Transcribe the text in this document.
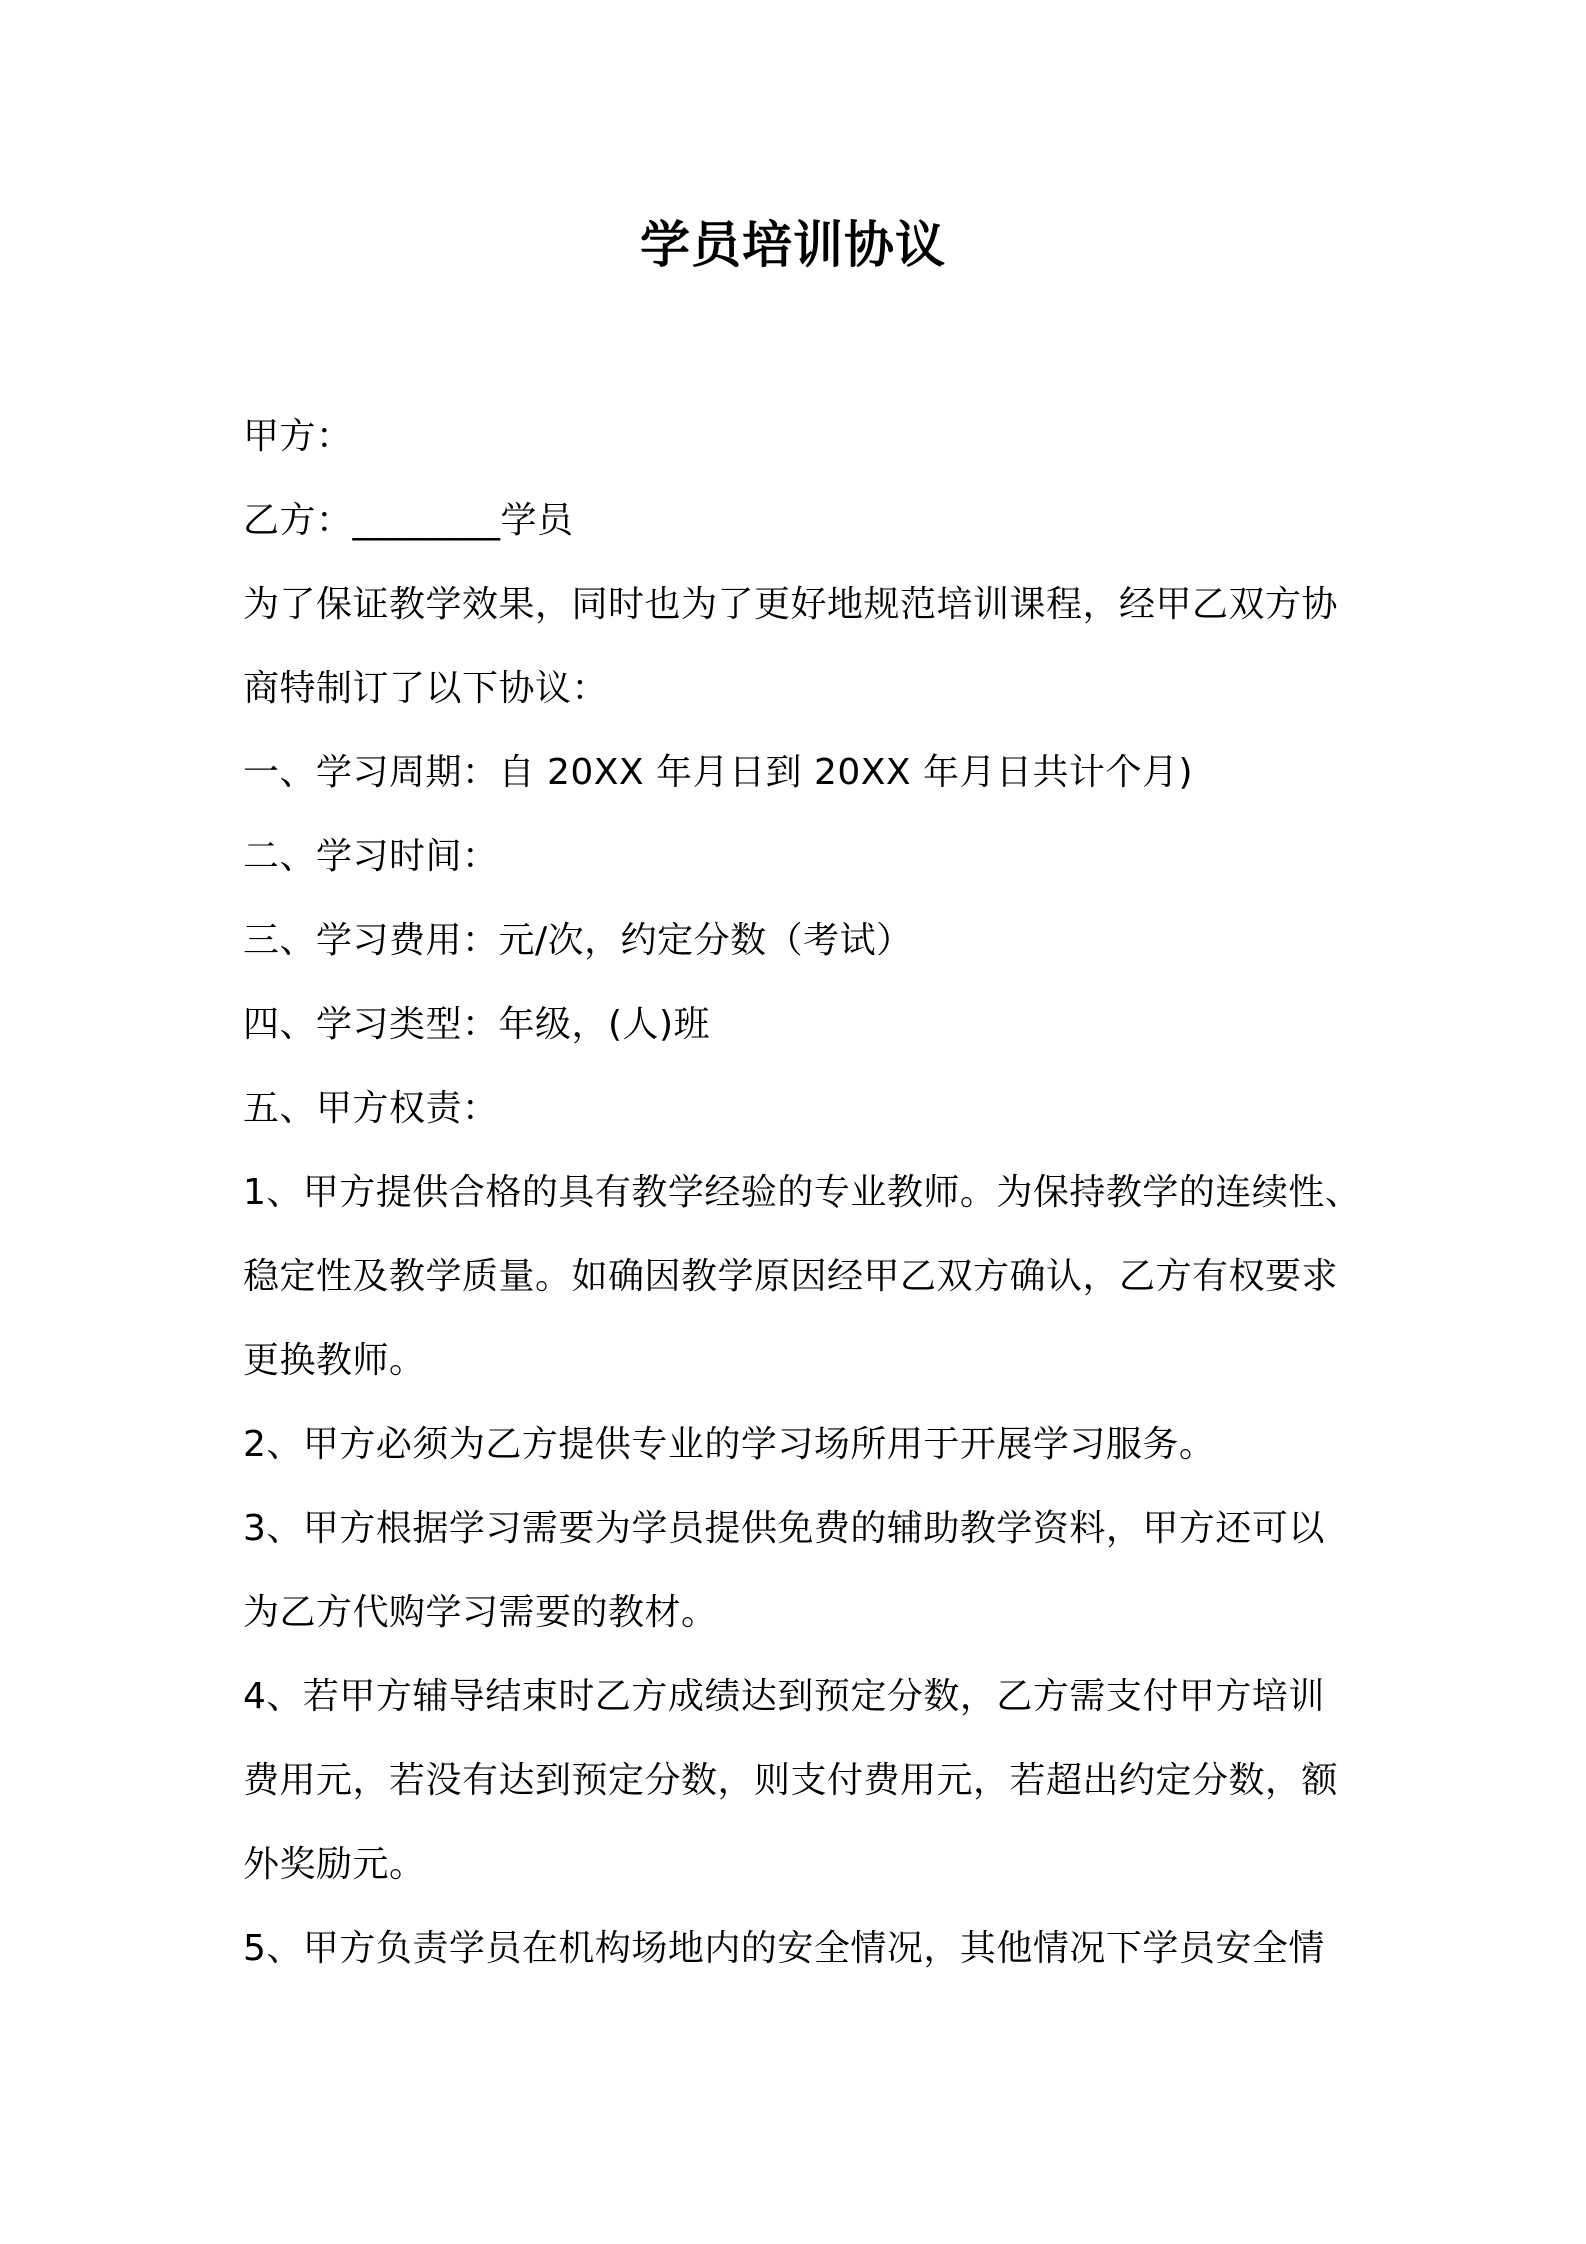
学员培训协议

甲方：

乙方：________学员

为了保证教学效果，同时也为了更好地规范培训课程，经甲乙双方协
商特制订了以下协议：

一、学习周期：自 20XX 年月日到 20XX 年月日共计个月)

二、学习时间：

三、学习费用：元/次，约定分数（考试）

四、学习类型：年级，(人)班

五、甲方权责：

1、甲方提供合格的具有教学经验的专业教师。为保持教学的连续性、
稳定性及教学质量。如确因教学原因经甲乙双方确认，乙方有权要求
更换教师。

2、甲方必须为乙方提供专业的学习场所用于开展学习服务。

3、甲方根据学习需要为学员提供免费的辅助教学资料，甲方还可以
为乙方代购学习需要的教材。

4、若甲方辅导结束时乙方成绩达到预定分数，乙方需支付甲方培训
费用元，若没有达到预定分数，则支付费用元，若超出约定分数，额
外奖励元。

5、甲方负责学员在机构场地内的安全情况，其他情况下学员安全情
